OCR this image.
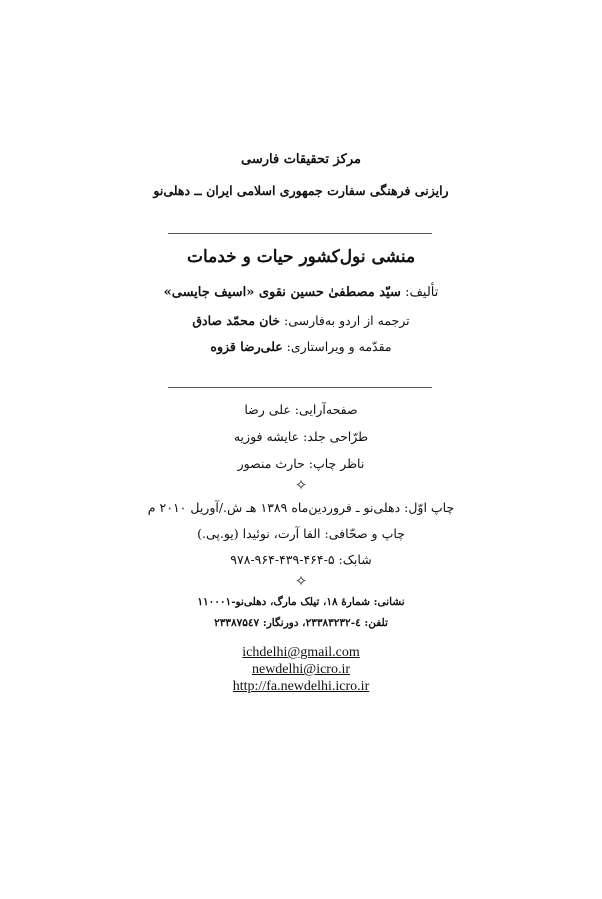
مرکز تحقیقات فارسی
رایزنی فرهنگی سفارت جمهوری اسلامی ایران ــ دهلی‌نو
منشی نول‌کشور حیات و خدمات
تألیف: سیّد مصطفیٰ حسین نقوی «اسیف جایسی»
ترجمه از اردو به‌فارسی: خان محمّد صادق
مقدّمه و ویراستاری: علی‌رضا قزوه
صفحه‌آرایی: علی رضا
طرّاحی جلد: عایشه فوزیه
ناظر چاپ: حارث منصور
✧
چاپ اوّل: دهلی‌نو ـ فروردین‌ماه ۱۳۸۹ هـ ش./آوریل ۲۰۱۰ م
چاپ و صحّافی: الفا آرت، نوئیدا (یو.پی.)
شابک: ۵-۴۶۴-۴۳۹-۹۶۴-۹۷۸
✧
نشانی: شمارهٔ ۱۸، تیلک مارگ، دهلی‌نو-۱۱۰۰۰۱
تلفن: ٤-۲۳۳۸۳۲۳۲، دورنگار: ۲۳۳۸۷۵٤۷
ichdelhi@gmail.com
newdelhi@icro.ir
http://fa.newdelhi.icro.ir
